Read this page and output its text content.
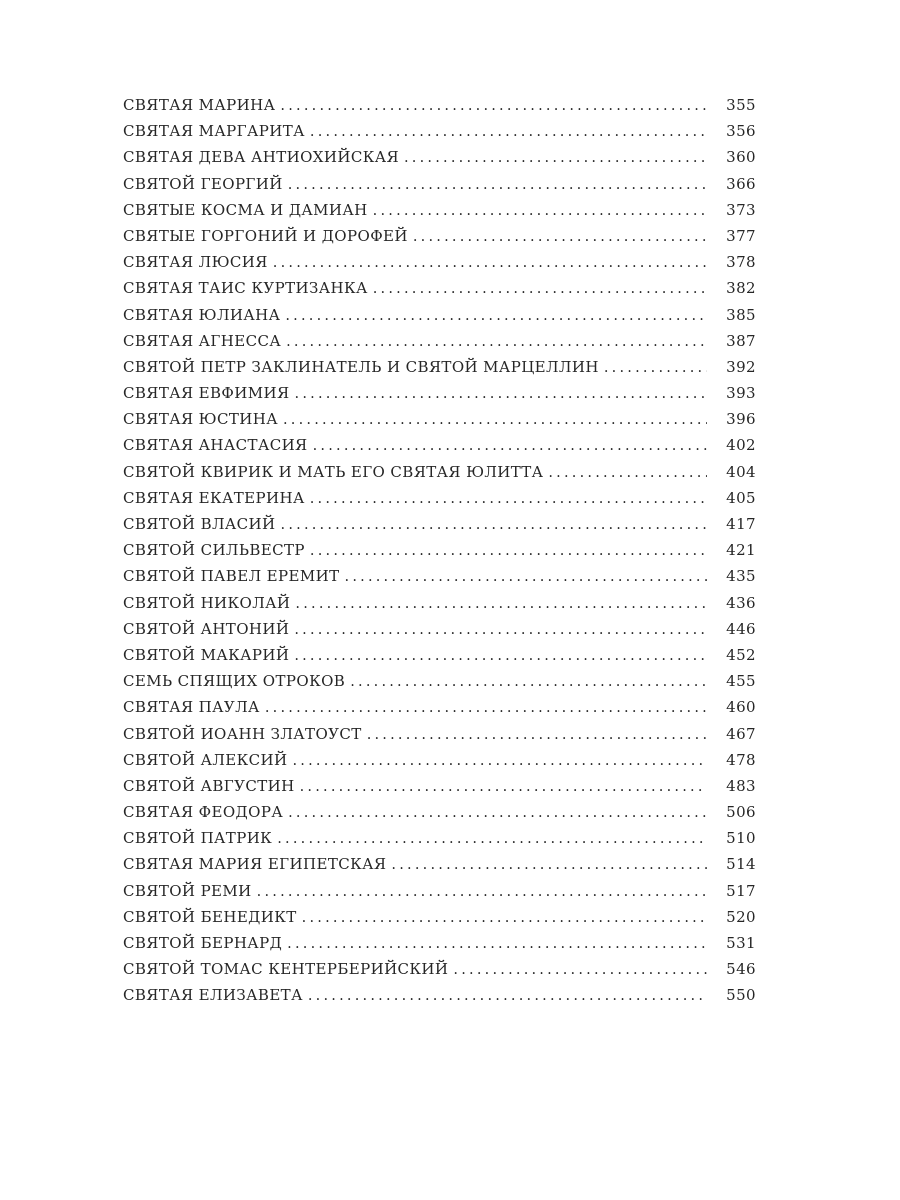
СВЯТАЯ МАРИНА .....	355
СВЯТАЯ МАРГАРИТА .....	356
СВЯТАЯ ДЕВА АНТИОХИЙСКАЯ .....	360
СВЯТОЙ ГЕОРГИЙ .....	366
СВЯТЫЕ КОСМА И ДАМИАН .....	373
СВЯТЫЕ ГОРГОНИЙ И ДОРОФЕЙ .....	377
СВЯТАЯ ЛЮСИЯ .....	378
СВЯТАЯ ТАИС КУРТИЗАНКА .....	382
СВЯТАЯ ЮЛИАНА .....	385
СВЯТАЯ АГНЕССА .....	387
СВЯТОЙ ПЕТР ЗАКЛИНАТЕЛЬ И СВЯТОЙ МАРЦЕЛЛИН .....	392
СВЯТАЯ ЕВФИМИЯ .....	393
СВЯТАЯ ЮСТИНА .....	396
СВЯТАЯ АНАСТАСИЯ .....	402
СВЯТОЙ КВИРИК И МАТЬ ЕГО СВЯТАЯ ЮЛИТТА .....	404
СВЯТАЯ ЕКАТЕРИНА .....	405
СВЯТОЙ ВЛАСИЙ .....	417
СВЯТОЙ СИЛЬВЕСТР .....	421
СВЯТОЙ ПАВЕЛ ЕРЕМИТ .....	435
СВЯТОЙ НИКОЛАЙ .....	436
СВЯТОЙ АНТОНИЙ .....	446
СВЯТОЙ МАКАРИЙ .....	452
СЕМЬ СПЯЩИХ ОТРОКОВ .....	455
СВЯТАЯ ПАУЛА .....	460
СВЯТОЙ ИОАНН ЗЛАТОУСТ .....	467
СВЯТОЙ АЛЕКСИЙ .....	478
СВЯТОЙ АВГУСТИН .....	483
СВЯТАЯ ФЕОДОРА .....	506
СВЯТОЙ ПАТРИК .....	510
СВЯТАЯ МАРИЯ ЕГИПЕТСКАЯ .....	514
СВЯТОЙ РЕМИ .....	517
СВЯТОЙ БЕНЕДИКТ .....	520
СВЯТОЙ БЕРНАРД .....	531
СВЯТОЙ ТОМАС КЕНТЕРБЕРИЙСКИЙ .....	546
СВЯТАЯ ЕЛИЗАВЕТА .....	550
